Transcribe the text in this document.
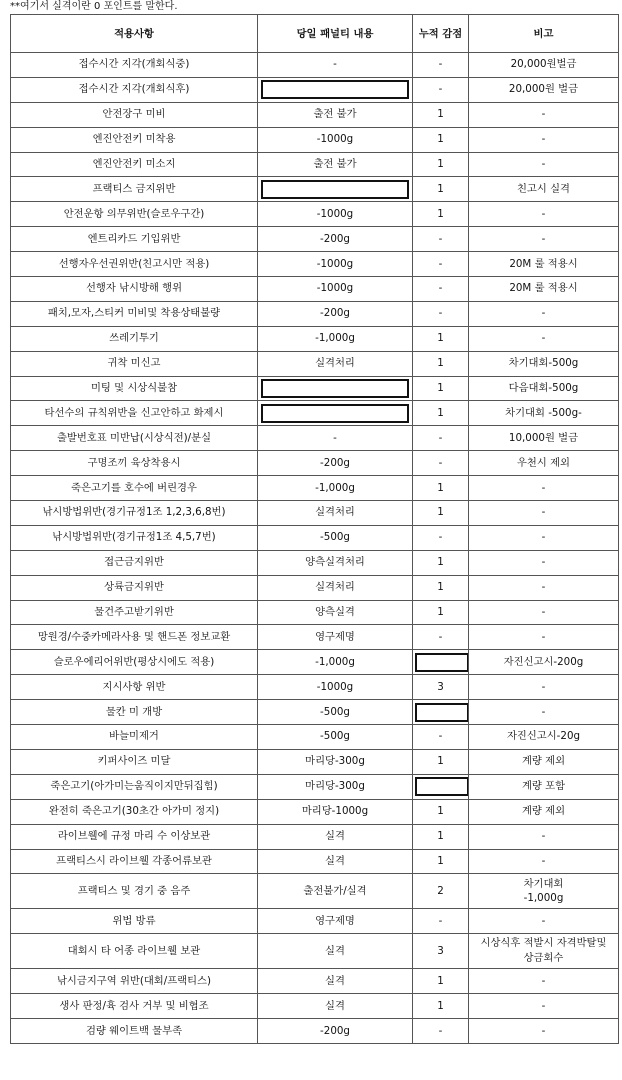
**여기서 실격이란 0 포인트를 말한다.
적용사항	당일 패널티 내용	누적 감점	비고
접수시간 지각(개회식중)	-	-	20,000원벌금
접수시간 지각(개회식후)		-	20,000원 벌금
안전장구 미비	출전 불가	1	-
엔진안전키 미착용	-1000g	1	-
엔진안전키 미소지	출전 불가	1	-
프랙티스 금지위반		1	친고시 실격
안전운항 의무위반(슬로우구간)	-1000g	1	-
엔트리카드 기입위반	-200g	-	-
선행자우선권위반(친고시만 적용)	-1000g	-	20M 룰 적용시
선행자 낚시방해 행위	-1000g	-	20M 룰 적용시
패치,모자,스티커 미비및 착용상태불량	-200g	-	-
쓰레기투기	-1,000g	1	-
귀착 미신고	실격처리	1	차기대회-500g
미팅 및 시상식불참		1	다음대회-500g
타선수의 규칙위반을 신고안하고 화제시		1	차기대회 -500g-
출발번호표 미반납(시상식전)/분실	-	-	10,000원 벌금
구명조끼 육상착용시	-200g	-	우천시 제외
죽은고기를 호수에 버린경우	-1,000g	1	-
낚시방법위반(경기규정1조 1,2,3,6,8번)	실격처리	1	-
낚시방법위반(경기규정1조 4,5,7번)	-500g	-	-
접근금지위반	양측실격처리	1	-
상륙금지위반	실격처리	1	-
물건주고받기위반	양측실격	1	-
망원경/수중카메라사용 및 핸드폰 정보교환	영구제명	-	-
슬로우에리어위반(평상시에도 적용)	-1,000g		자진신고시-200g
지시사항 위반	-1000g	3	-
물칸 미 개방	-500g		-
바늘미제거	-500g	-	자진신고시-20g
키퍼사이즈 미달	마리당-300g	1	계량 제외
죽은고기(아가미는움직이지만뒤집힘)	마리당-300g		계량 포함
완전히 죽은고기(30초간 아가미 정지)	마리당-1000g	1	계량 제외
라이브웰에 규정 마리 수 이상보관	실격	1	-
프랙티스시 라이브웰 각종어류보관	실격	1	-
프랙티스 및 경기 중 음주	출전불가/실격	2	차기대회
-1,000g
위법 방류	영구제명	-	-
대회시 타 어종 라이브웰 보관	실격	3	시상식후 적발시 자격박탈및
상금회수
낚시금지구역 위반(대회/프랙티스)	실격	1	-
생사 판정/휵 검사 거부 및 비협조	실격	1	-
검량 웨이트백 물부족	-200g	-	-
